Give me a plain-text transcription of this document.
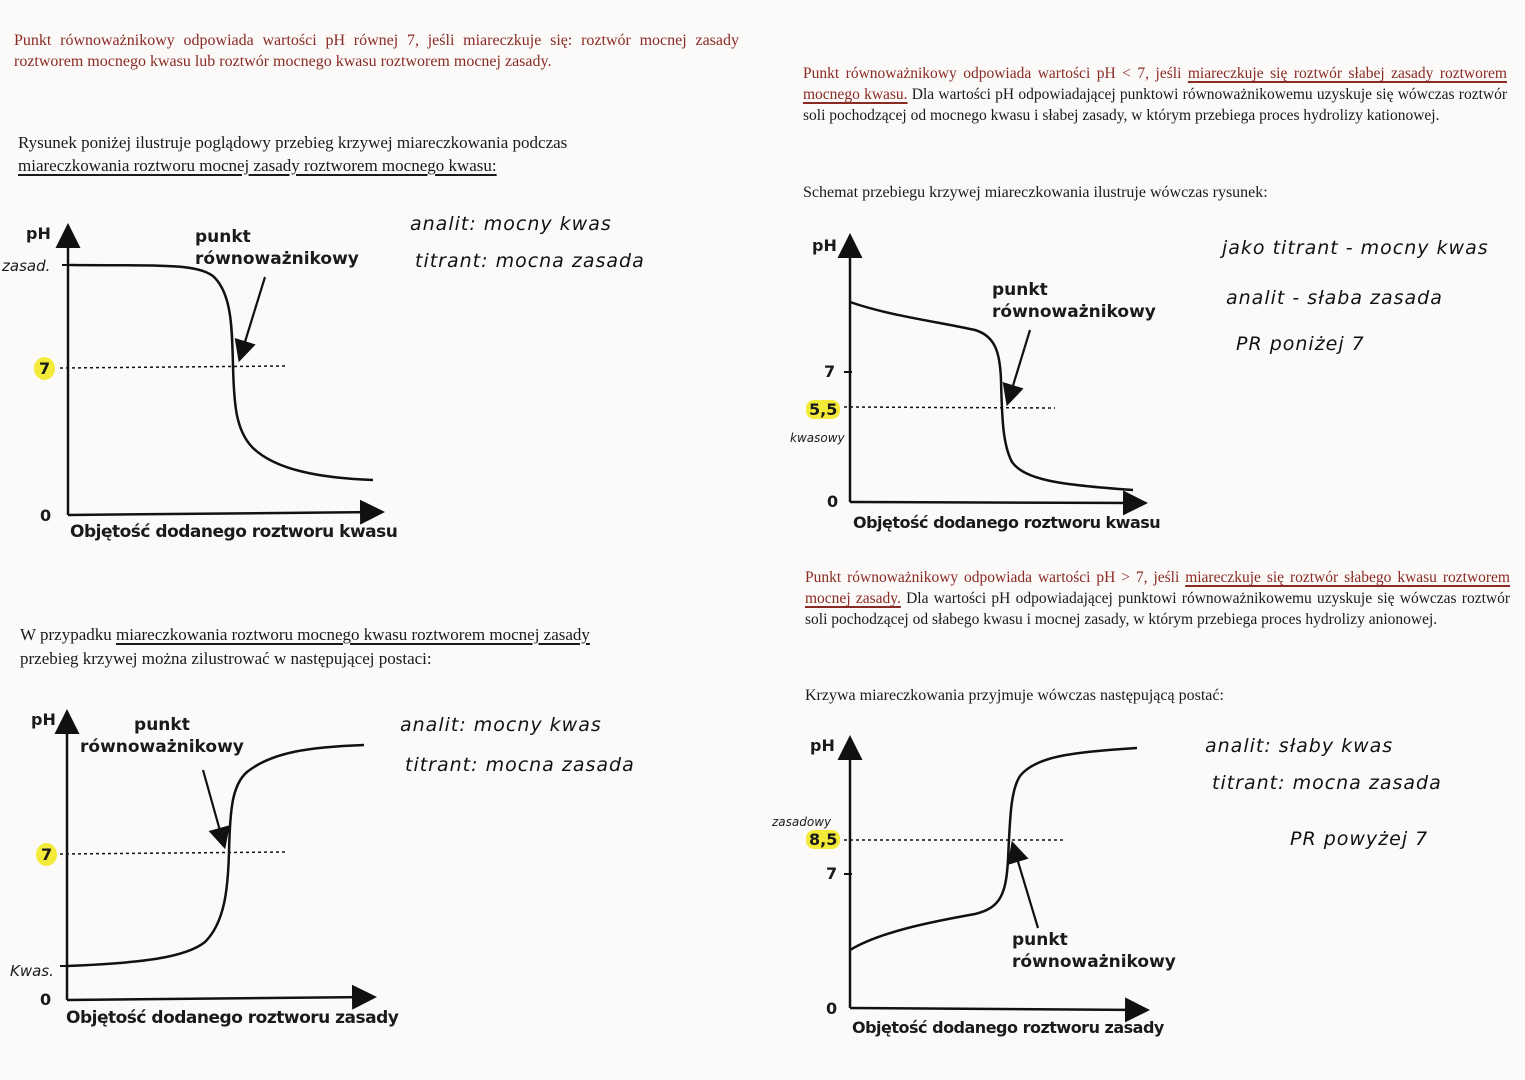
Punkt równoważnikowy odpowiada wartości pH równej 7, jeśli miareczkuje się: roztwór mocnej zasady roztworem mocnego kwasu lub roztwór mocnego kwasu roztworem mocnej zasady.
Rysunek poniżej ilustruje poglądowy przebieg krzywej miareczkowania podczas
miareczkowania roztworu mocnej zasady roztworem mocnego kwasu:
pH
zasad.
7
0
punkt
równoważnikowy
Objętość dodanego roztworu kwasu
analit: mocny kwas
titrant: mocna zasada
W przypadku miareczkowania roztworu mocnego kwasu roztworem mocnej zasady
przebieg krzywej można zilustrować w następującej postaci:
pH	punkt
równoważnikowy
7
Kwas.
0
Objętość dodanego roztworu zasady
analit: mocny kwas
titrant: mocna zasada
Punkt równoważnikowy odpowiada wartości pH < 7, jeśli miareczkuje się roztwór słabej zasady roztworem mocnego kwasu. Dla wartości pH odpowiadającej punktowi równoważnikowemu uzyskuje się wówczas roztwór soli pochodzącej od mocnego kwasu i słabej zasady, w którym przebiega proces hydrolizy kationowej.
Schemat przebiegu krzywej miareczkowania ilustruje wówczas rysunek:
pH
punkt
równoważnikowy
7
5,5
kwasowy
0
Objętość dodanego roztworu kwasu
jako titrant - mocny kwas
analit - słaba zasada
PR poniżej 7
Punkt równoważnikowy odpowiada wartości pH > 7, jeśli miareczkuje się roztwór słabego kwasu roztworem mocnej zasady. Dla wartości pH odpowiadającej punktowi równoważnikowemu uzyskuje się wówczas roztwór soli pochodzącej od słabego kwasu i mocnej zasady, w którym przebiega proces hydrolizy anionowej.
Krzywa miareczkowania przyjmuje wówczas następującą postać:
pH
zasadowy
8,5
7
0
punkt
równoważnikowy
Objętość dodanego roztworu zasady
analit: słaby kwas
titrant: mocna zasada
PR powyżej 7
